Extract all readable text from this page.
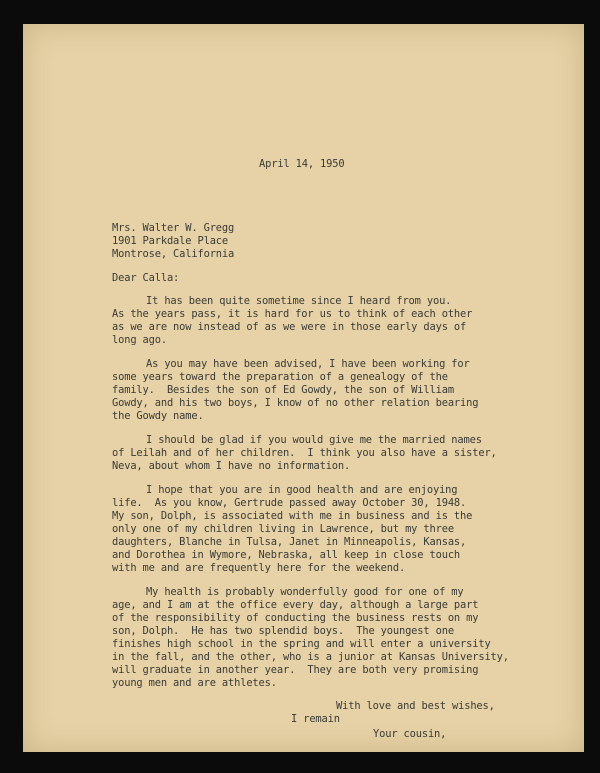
April 14, 1950
Mrs. Walter W. Gregg
1901 Parkdale Place
Montrose, California
Dear Calla:
It has been quite sometime since I heard from you.
As the years pass, it is hard for us to think of each other
as we are now instead of as we were in those early days of
long ago.
As you may have been advised, I have been working for
some years toward the preparation of a genealogy of the
family.  Besides the son of Ed Gowdy, the son of William
Gowdy, and his two boys, I know of no other relation bearing
the Gowdy name.
I should be glad if you would give me the married names
of Leilah and of her children.  I think you also have a sister,
Neva, about whom I have no information.
I hope that you are in good health and are enjoying
life.  As you know, Gertrude passed away October 30, 1948.
My son, Dolph, is associated with me in business and is the
only one of my children living in Lawrence, but my three
daughters, Blanche in Tulsa, Janet in Minneapolis, Kansas,
and Dorothea in Wymore, Nebraska, all keep in close touch
with me and are frequently here for the weekend.
My health is probably wonderfully good for one of my
age, and I am at the office every day, although a large part
of the responsibility of conducting the business rests on my
son, Dolph.  He has two splendid boys.  The youngest one
finishes high school in the spring and will enter a university
in the fall, and the other, who is a junior at Kansas University,
will graduate in another year.  They are both very promising
young men and are athletes.
With love and best wishes,
I remain
Your cousin,
